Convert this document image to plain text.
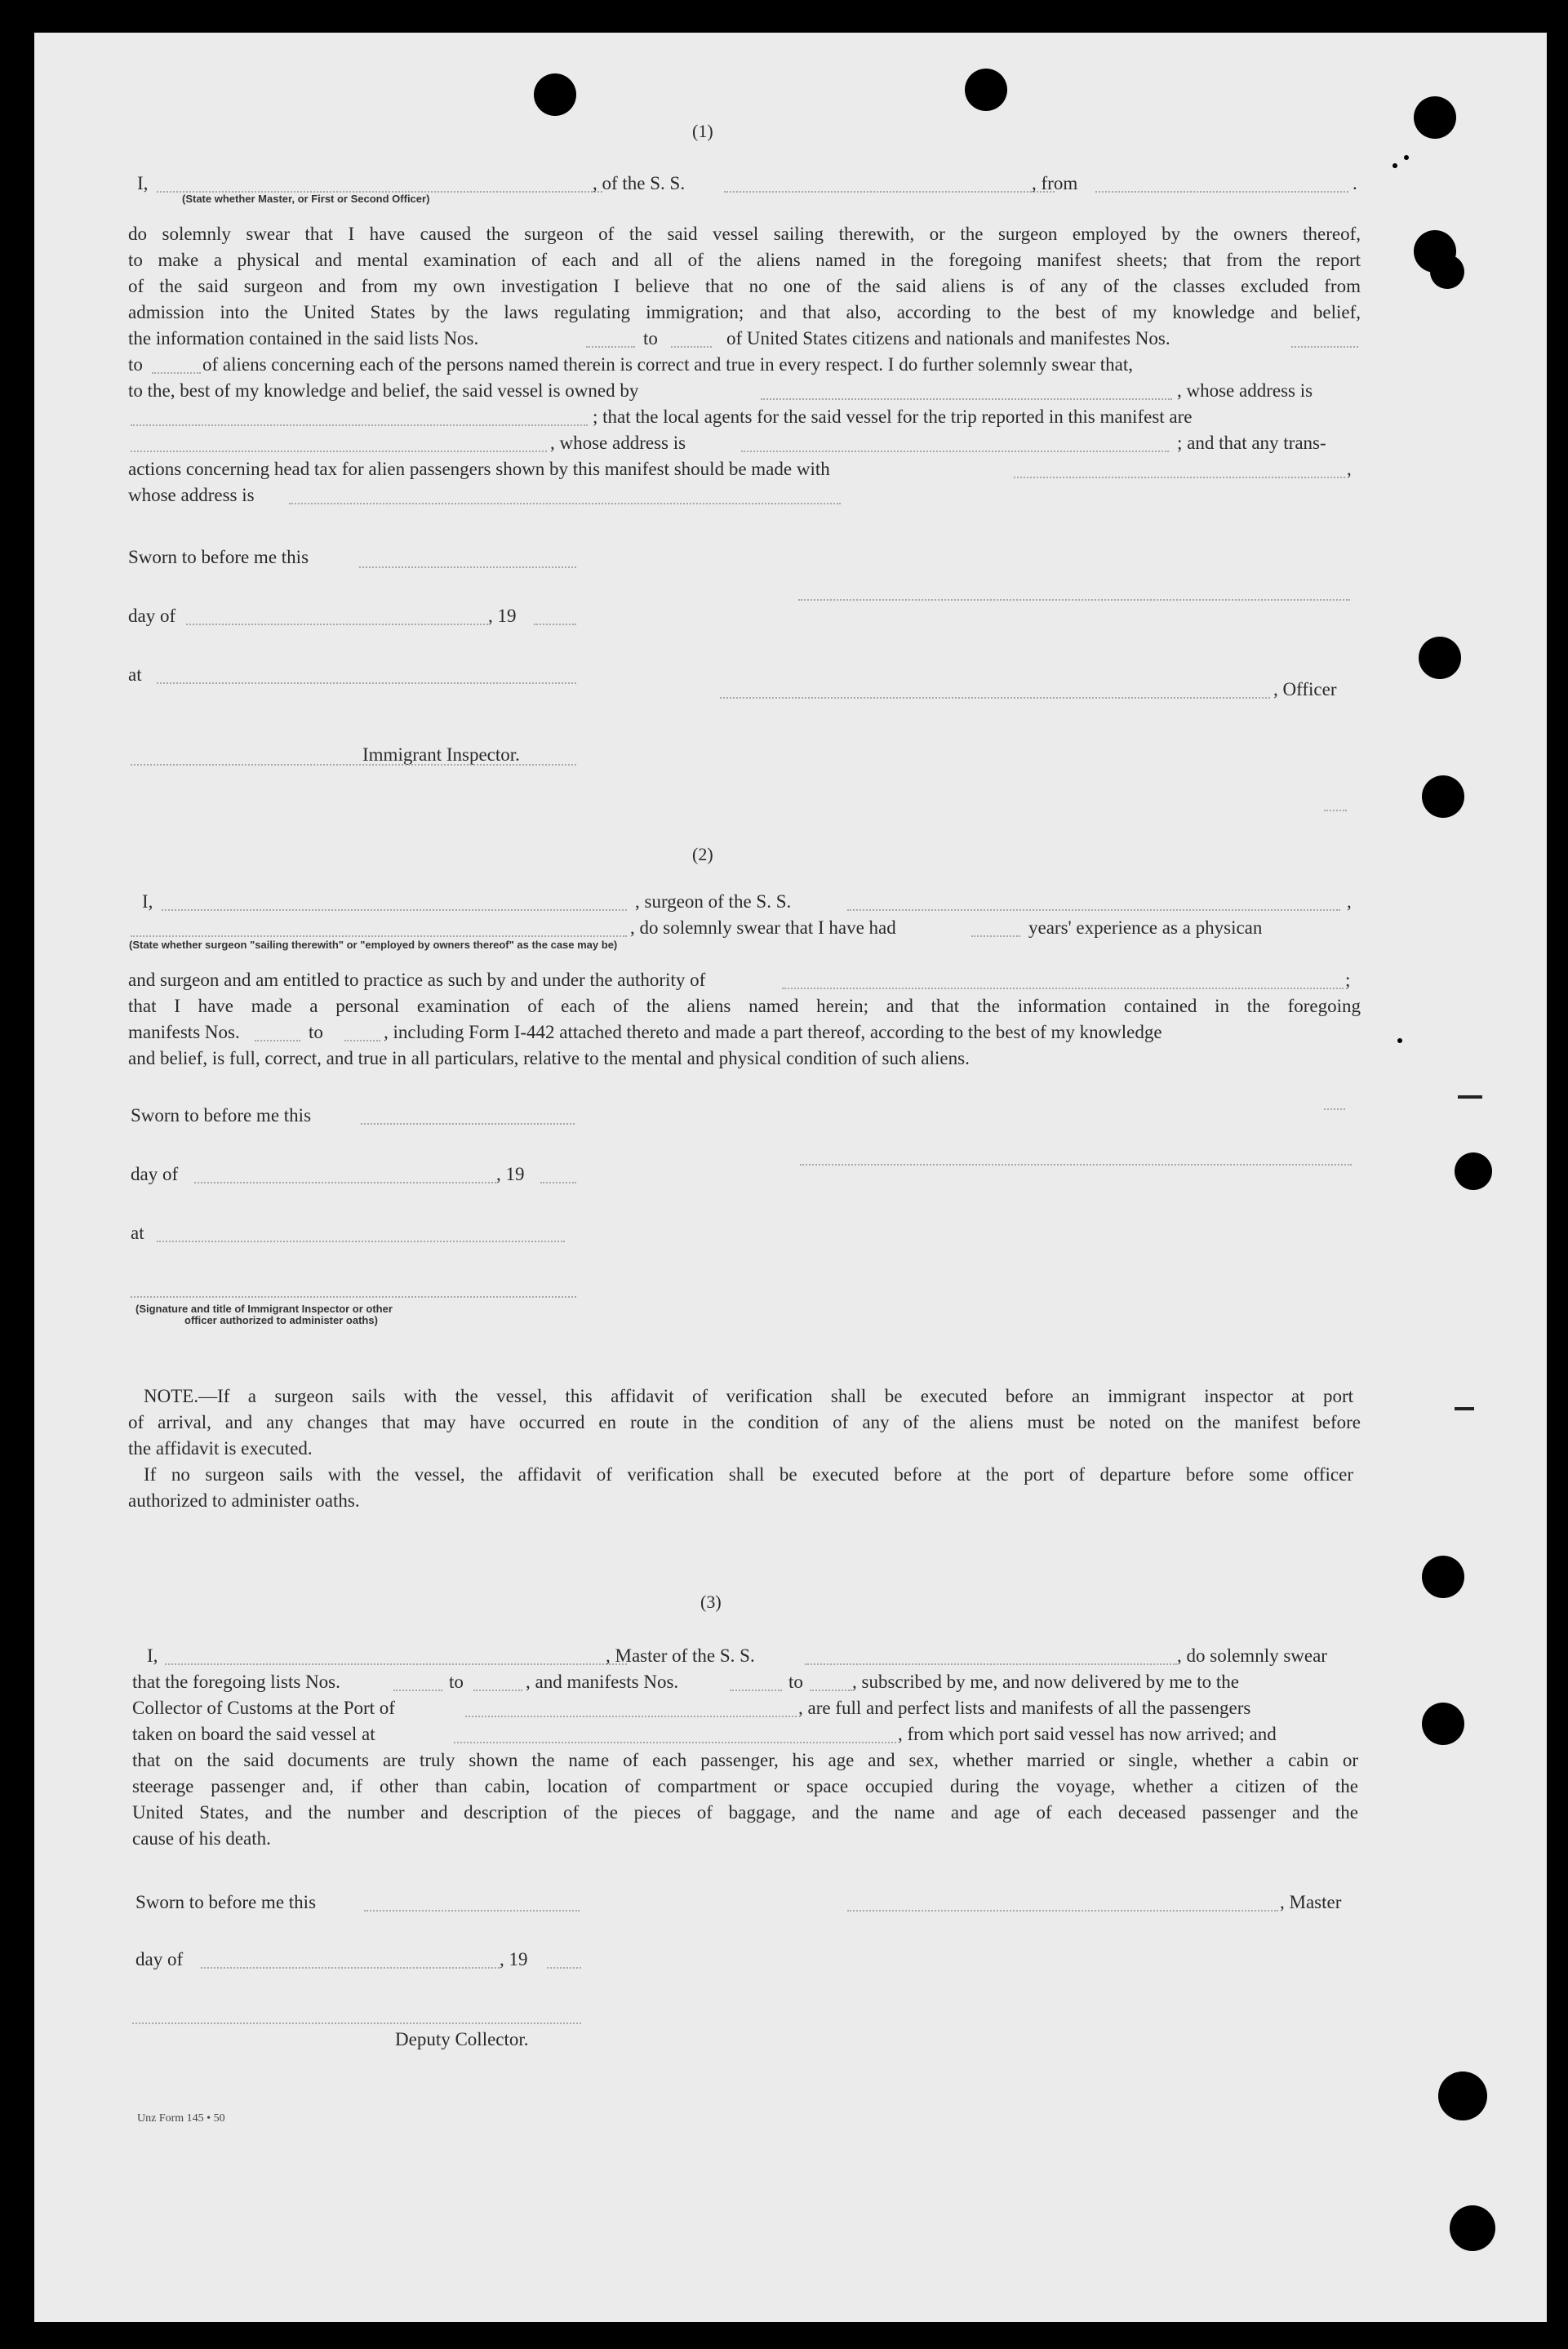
(1)
I,	, of the S. S.	, from	.
(State whether Master, or First or Second Officer)
do solemnly swear that I have caused the surgeon of the said vessel sailing therewith, or the surgeon employed by the owners thereof,
to make a physical and mental examination of each and all of the aliens named in the foregoing manifest sheets; that from the report
of the said surgeon and from my own investigation I believe that no one of the said aliens is of any of the classes excluded from
admission into the United States by the laws regulating immigration; and that also, according to the best of my knowledge and belief,
the information contained in the said lists Nos.	to	of United States citizens and nationals and manifestes Nos.
to	of aliens concerning each of the persons named therein is correct and true in every respect. I do further solemnly swear that,
to the, best of my knowledge and belief, the said vessel is owned by	, whose address is
; that the local agents for the said vessel for the trip reported in this manifest are
, whose address is	; and that any trans-
actions concerning head tax for alien passengers shown by this manifest should be made with	,
whose address is
Sworn to before me this
day of	, 19
at
, Officer
Immigrant Inspector.
(2)
I,	, surgeon of the S. S.	,
, do solemnly swear that I have had	years' experience as a physican
(State whether surgeon "sailing therewith" or "employed by owners thereof" as the case may be)
and surgeon and am entitled to practice as such by and under the authority of	;
that I have made a personal examination of each of the aliens named herein; and that the information contained in the foregoing
manifests Nos.	to	, including Form I-442 attached thereto and made a part thereof, according to the best of my knowledge
and belief, is full, correct, and true in all particulars, relative to the mental and physical condition of such aliens.
Sworn to before me this
day of	, 19
at
(Signature and title of Immigrant Inspector or other
officer authorized to administer oaths)
NOTE.—If a surgeon sails with the vessel, this affidavit of verification shall be executed before an immigrant inspector at port
of arrival, and any changes that may have occurred en route in the condition of any of the aliens must be noted on the manifest before
the affidavit is executed.
If no surgeon sails with the vessel, the affidavit of verification shall be executed before at the port of departure before some officer
authorized to administer oaths.
(3)
I,	, Master of the S. S.	, do solemnly swear
that the foregoing lists Nos.	to	, and manifests Nos.	to	, subscribed by me, and now delivered by me to the
Collector of Customs at the Port of	, are full and perfect lists and manifests of all the passengers
taken on board the said vessel at	, from which port said vessel has now arrived; and
that on the said documents are truly shown the name of each passenger, his age and sex, whether married or single, whether a cabin or
steerage passenger and, if other than cabin, location of compartment or space occupied during the voyage, whether a citizen of the
United States, and the number and description of the pieces of baggage, and the name and age of each deceased passenger and the
cause of his death.
Sworn to before me this	, Master
day of	, 19
Deputy Collector.
Unz Form 145 • 50
